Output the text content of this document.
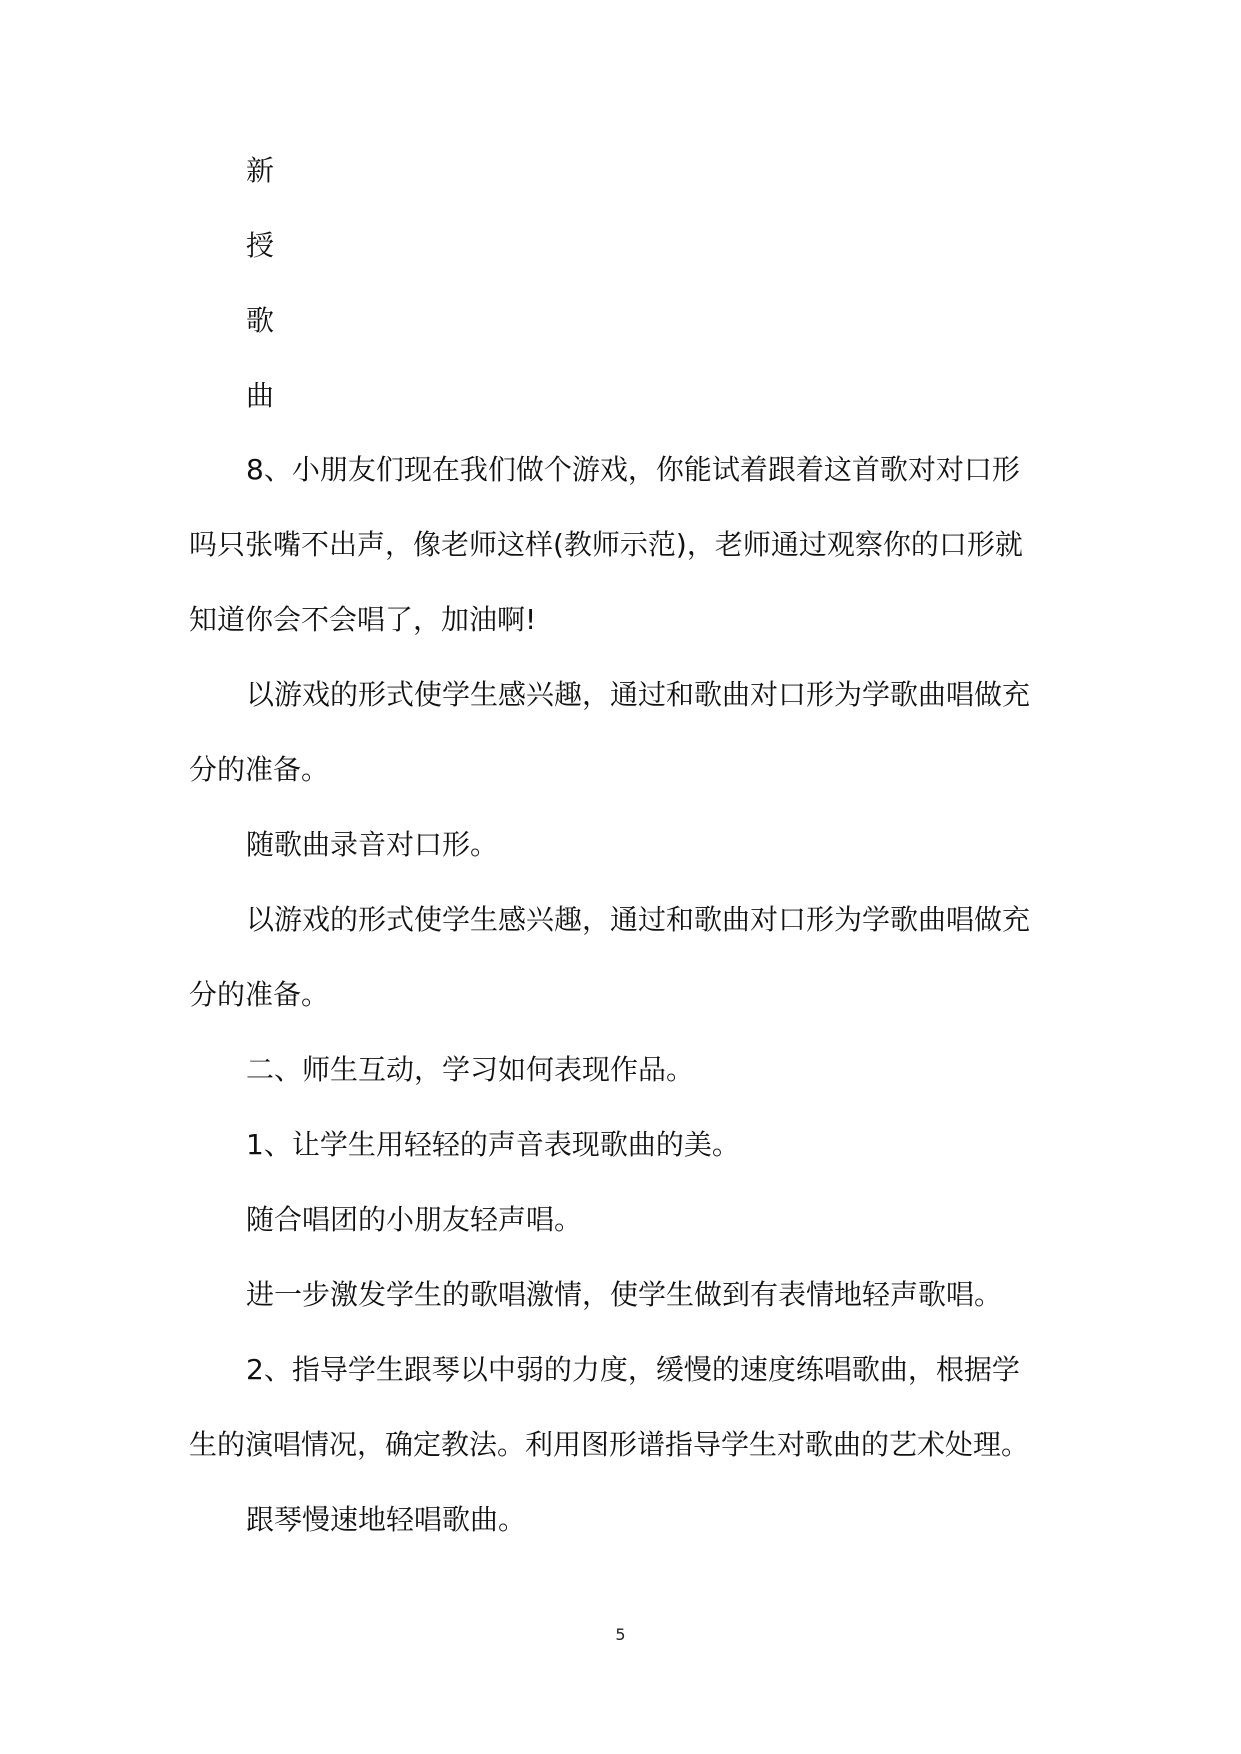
新

授

歌

曲

8、小朋友们现在我们做个游戏，你能试着跟着这首歌对对口形

吗只张嘴不出声，像老师这样(教师示范)，老师通过观察你的口形就

知道你会不会唱了，加油啊!

以游戏的形式使学生感兴趣，通过和歌曲对口形为学歌曲唱做充

分的准备。

随歌曲录音对口形。

以游戏的形式使学生感兴趣，通过和歌曲对口形为学歌曲唱做充

分的准备。

二、师生互动，学习如何表现作品。

1、让学生用轻轻的声音表现歌曲的美。

随合唱团的小朋友轻声唱。

进一步激发学生的歌唱激情，使学生做到有表情地轻声歌唱。

2、指导学生跟琴以中弱的力度，缓慢的速度练唱歌曲，根据学

生的演唱情况，确定教法。利用图形谱指导学生对歌曲的艺术处理。

跟琴慢速地轻唱歌曲。

5
